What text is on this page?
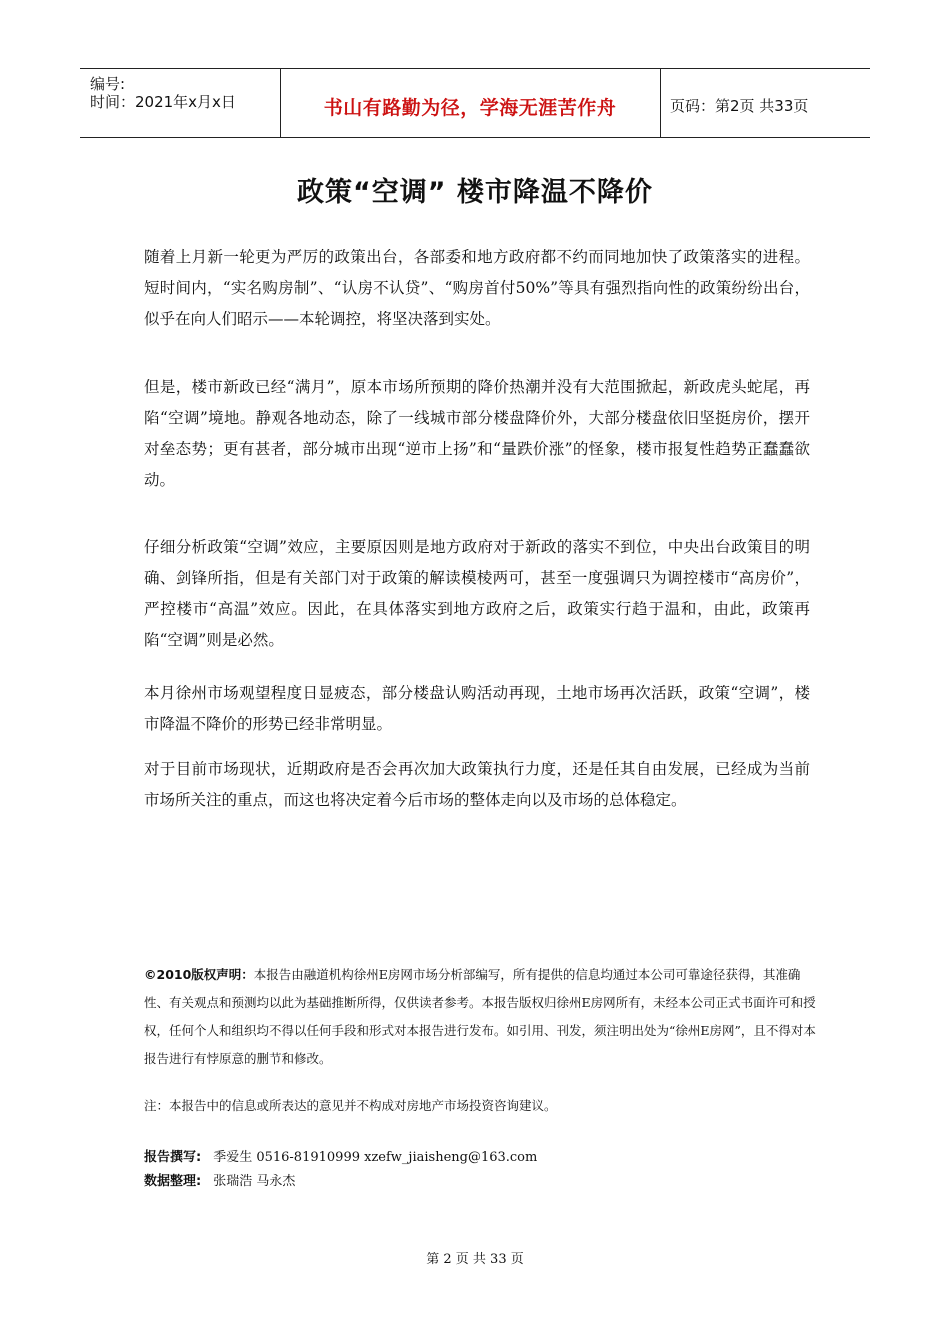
编号:
时间：2021年x月x日	书山有路勤为径，学海无涯苦作舟	页码：第2页 共33页
政策“空调” 楼市降温不降价

随着上月新一轮更为严厉的政策出台，各部委和地方政府都不约而同地加快了政策落实的进程。短时间内，“实名购房制”、“认房不认贷”、“购房首付50%”等具有强烈指向性的政策纷纷出台，似乎在向人们昭示——本轮调控，将坚决落到实处。

但是，楼市新政已经“满月”，原本市场所预期的降价热潮并没有大范围掀起，新政虎头蛇尾，再陷“空调”境地。静观各地动态，除了一线城市部分楼盘降价外，大部分楼盘依旧坚挺房价，摆开对垒态势；更有甚者，部分城市出现“逆市上扬”和“量跌价涨”的怪象，楼市报复性趋势正蠢蠢欲动。

仔细分析政策“空调”效应，主要原因则是地方政府对于新政的落实不到位，中央出台政策目的明确、剑锋所指，但是有关部门对于政策的解读模棱两可，甚至一度强调只为调控楼市“高房价”，严控楼市“高温”效应。因此，在具体落实到地方政府之后，政策实行趋于温和，由此，政策再陷“空调”则是必然。

本月徐州市场观望程度日显疲态，部分楼盘认购活动再现，土地市场再次活跃，政策“空调”，楼市降温不降价的形势已经非常明显。

对于目前市场现状，近期政府是否会再次加大政策执行力度，还是任其自由发展，已经成为当前市场所关注的重点，而这也将决定着今后市场的整体走向以及市场的总体稳定。

©2010版权声明：本报告由融道机构徐州E房网市场分析部编写，所有提供的信息均通过本公司可靠途径获得，其准确性、有关观点和预测均以此为基础推断所得，仅供读者参考。本报告版权归徐州E房网所有，未经本公司正式书面许可和授权，任何个人和组织均不得以任何手段和形式对本报告进行发布。如引用、刊发，须注明出处为“徐州E房网”，且不得对本报告进行有悖原意的删节和修改。

注：本报告中的信息或所表达的意见并不构成对房地产市场投资咨询建议。

报告撰写: 季爱生 0516-81910999 xzefw_jiaisheng@163.com
数据整理: 张瑞浩 马永杰
第 2 页 共 33 页
